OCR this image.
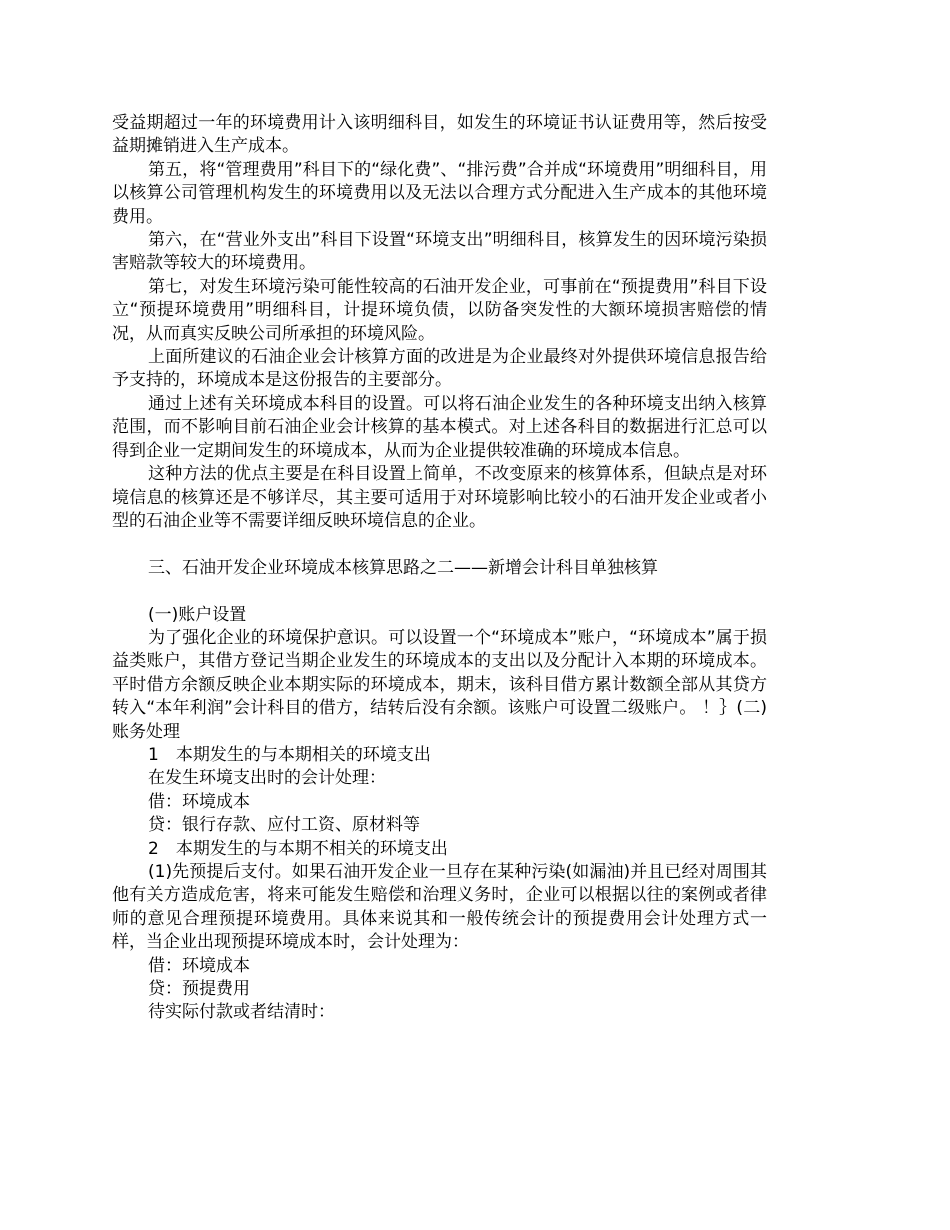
受益期超过一年的环境费用计入该明细科目，如发生的环境证书认证费用等，然后按受益期摊销进入生产成本。

第五，将“管理费用”科目下的“绿化费”、“排污费”合并成“环境费用”明细科目，用以核算公司管理机构发生的环境费用以及无法以合理方式分配进入生产成本的其他环境费用。

第六，在“营业外支出”科目下设置“环境支出”明细科目，核算发生的因环境污染损害赔款等较大的环境费用。

第七，对发生环境污染可能性较高的石油开发企业，可事前在“预提费用”科目下设立“预提环境费用”明细科目，计提环境负债，以防备突发性的大额环境损害赔偿的情况，从而真实反映公司所承担的环境风险。

上面所建议的石油企业会计核算方面的改进是为企业最终对外提供环境信息报告给予支持的，环境成本是这份报告的主要部分。

通过上述有关环境成本科目的设置。可以将石油企业发生的各种环境支出纳入核算范围，而不影响目前石油企业会计核算的基本模式。对上述各科目的数据进行汇总可以得到企业一定期间发生的环境成本，从而为企业提供较准确的环境成本信息。

这种方法的优点主要是在科目设置上简单，不改变原来的核算体系，但缺点是对环境信息的核算还是不够详尽，其主要可适用于对环境影响比较小的石油开发企业或者小型的石油企业等不需要详细反映环境信息的企业。

三、石油开发企业环境成本核算思路之二——新增会计科目单独核算

(一)账户设置

为了强化企业的环境保护意识。可以设置一个“环境成本”账户，“环境成本”属于损益类账户，其借方登记当期企业发生的环境成本的支出以及分配计入本期的环境成本。平时借方余额反映企业本期实际的环境成本，期末，该科目借方累计数额全部从其贷方转入“本年利润”会计科目的借方，结转后没有余额。该账户可设置二级账户。 ！｝(二)账务处理

1　本期发生的与本期相关的环境支出

在发生环境支出时的会计处理：

借：环境成本

贷：银行存款、应付工资、原材料等

2　本期发生的与本期不相关的环境支出

(1)先预提后支付。如果石油开发企业一旦存在某种污染(如漏油)并且已经对周围其他有关方造成危害，将来可能发生赔偿和治理义务时，企业可以根据以往的案例或者律师的意见合理预提环境费用。具体来说其和一般传统会计的预提费用会计处理方式一样，当企业出现预提环境成本时，会计处理为：

借：环境成本

贷：预提费用

待实际付款或者结清时：
